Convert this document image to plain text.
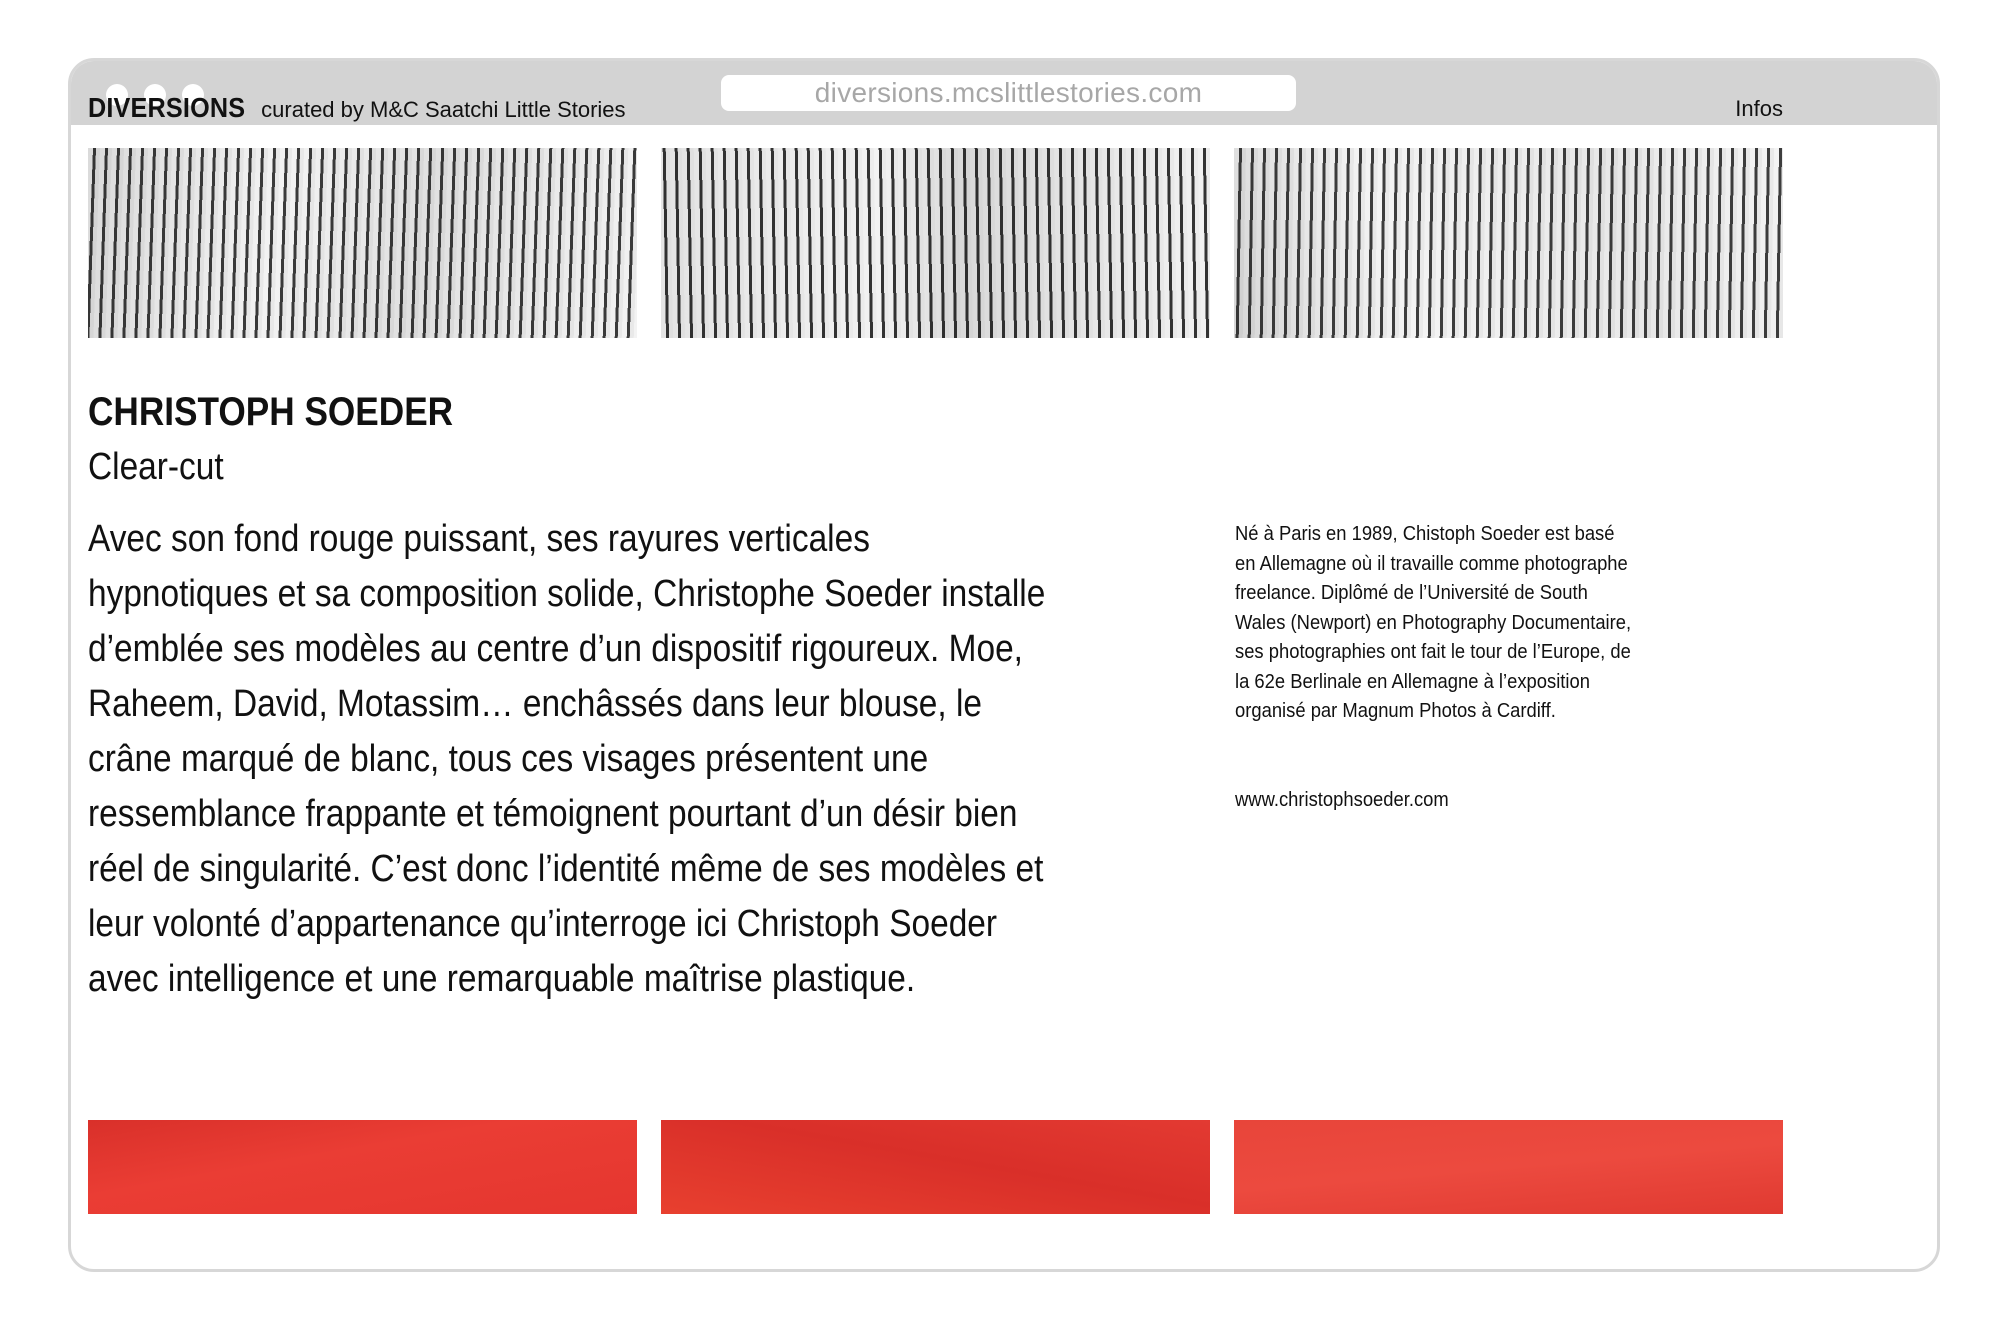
diversions.mcslittlestories.com
DIVERSIONS curated by M&C Saatchi Little Stories	Infos
CHRISTOPH SOEDER
Clear-cut
Avec son fond rouge puissant, ses rayures verticales hypnotiques et sa composition solide, Christophe Soeder installe d’emblée ses modèles au centre d’un dispositif rigoureux. Moe, Raheem, David, Motassim… enchâssés dans leur blouse, le crâne marqué de blanc, tous ces visages présentent une ressemblance frappante et témoignent pourtant d’un désir bien réel de singularité. C’est donc l’identité même de ses modèles et leur volonté d’appartenance qu’interroge ici Christoph Soeder avec intelligence et une remarquable maîtrise plastique.
Né à Paris en 1989, Chistoph Soeder est basé en Allemagne où il travaille comme photographe freelance. Diplômé de l’Université de South Wales (Newport) en Photography Documentaire, ses photographies ont fait le tour de l’Europe, de la 62e Berlinale en Allemagne à l’exposition organisé par Magnum Photos à Cardiff.
www.christophsoeder.com
